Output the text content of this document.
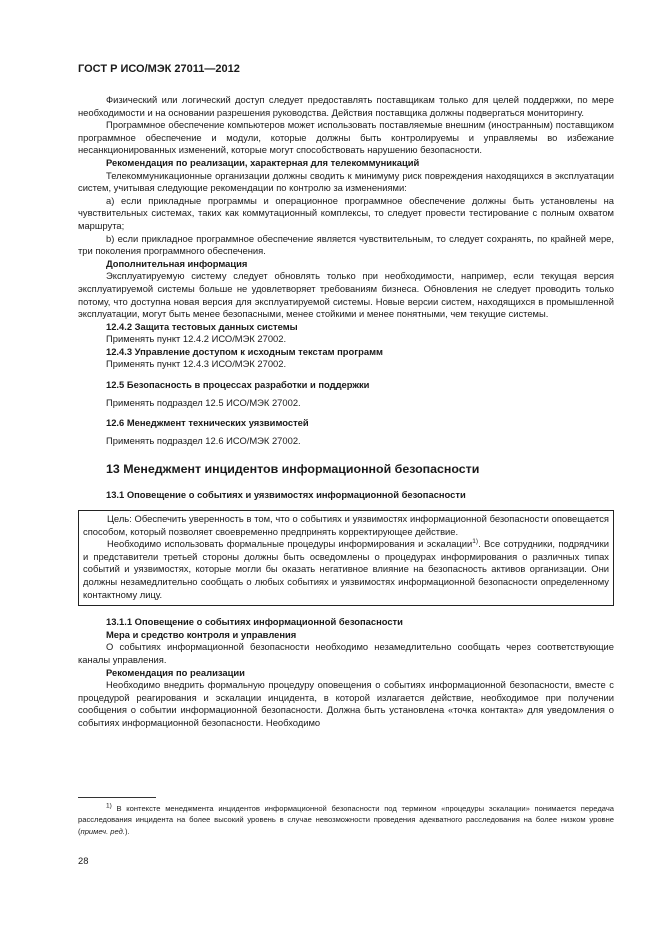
ГОСТ Р ИСО/МЭК 27011—2012

Физический или логический доступ следует предоставлять поставщикам только для целей поддержки, по мере необходимости и на основании разрешения руководства. Действия поставщика должны подвергаться мониторингу.

Программное обеспечение компьютеров может использовать поставляемые внешним (иностранным) поставщиком программное обеспечение и модули, которые должны быть контролируемы и управляемы во избежание несанкционированных изменений, которые могут способствовать нарушению безопасности.

Рекомендация по реализации, характерная для телекоммуникаций

Телекоммуникационные организации должны сводить к минимуму риск повреждения находящихся в эксплуатации систем, учитывая следующие рекомендации по контролю за изменениями:

a) если прикладные программы и операционное программное обеспечение должны быть установлены на чувствительных системах, таких как коммутационный комплексы, то следует провести тестирование с полным охватом маршрута;

b) если прикладное программное обеспечение является чувствительным, то следует сохранять, по крайней мере, три поколения программного обеспечения.

Дополнительная информация

Эксплуатируемую систему следует обновлять только при необходимости, например, если текущая версия эксплуатируемой системы больше не удовлетворяет требованиям бизнеса. Обновления не следует проводить только потому, что доступна новая версия для эксплуатируемой системы. Новые версии систем, находящихся в промышленной эксплуатации, могут быть менее безопасными, менее стойкими и менее понятными, чем текущие системы.

12.4.2 Защита тестовых данных системы

Применять пункт 12.4.2 ИСО/МЭК 27002.

12.4.3 Управление доступом к исходным текстам программ

Применять пункт 12.4.3 ИСО/МЭК 27002.

12.5 Безопасность в процессах разработки и поддержки

Применять подраздел 12.5 ИСО/МЭК 27002.

12.6 Менеджмент технических уязвимостей

Применять подраздел 12.6 ИСО/МЭК 27002.

13 Менеджмент инцидентов информационной безопасности

13.1 Оповещение о событиях и уязвимостях информационной безопасности

Цель: Обеспечить уверенность в том, что о событиях и уязвимостях информационной безопасности оповещается способом, который позволяет своевременно предпринять корректирующее действие.

Необходимо использовать формальные процедуры информирования и эскалации$^{1)}$. Все сотрудники, подрядчики и представители третьей стороны должны быть осведомлены о процедурах информирования о различных типах событий и уязвимостях, которые могли бы оказать негативное влияние на безопасность активов организации. Они должны незамедлительно сообщать о любых событиях и уязвимостях информационной безопасности определенному контактному лицу.

13.1.1 Оповещение о событиях информационной безопасности

Мера и средство контроля и управления

О событиях информационной безопасности необходимо незамедлительно сообщать через соответствующие каналы управления.

Рекомендация по реализации

Необходимо внедрить формальную процедуру оповещения о событиях информационной безопасности, вместе с процедурой реагирования и эскалации инцидента, в которой излагается действие, необходимое при получении сообщения о событии информационной безопасности. Должна быть установлена «точка контакта» для уведомления о событиях информационной безопасности. Необходимо

$^{1)}$ В контексте менеджмента инцидентов информационной безопасности под термином «процедуры эскалации» понимается передача расследования инцидента на более высокий уровень в случае невозможности проведения адекватного расследования на более низком уровне (примеч. ред.).

28
